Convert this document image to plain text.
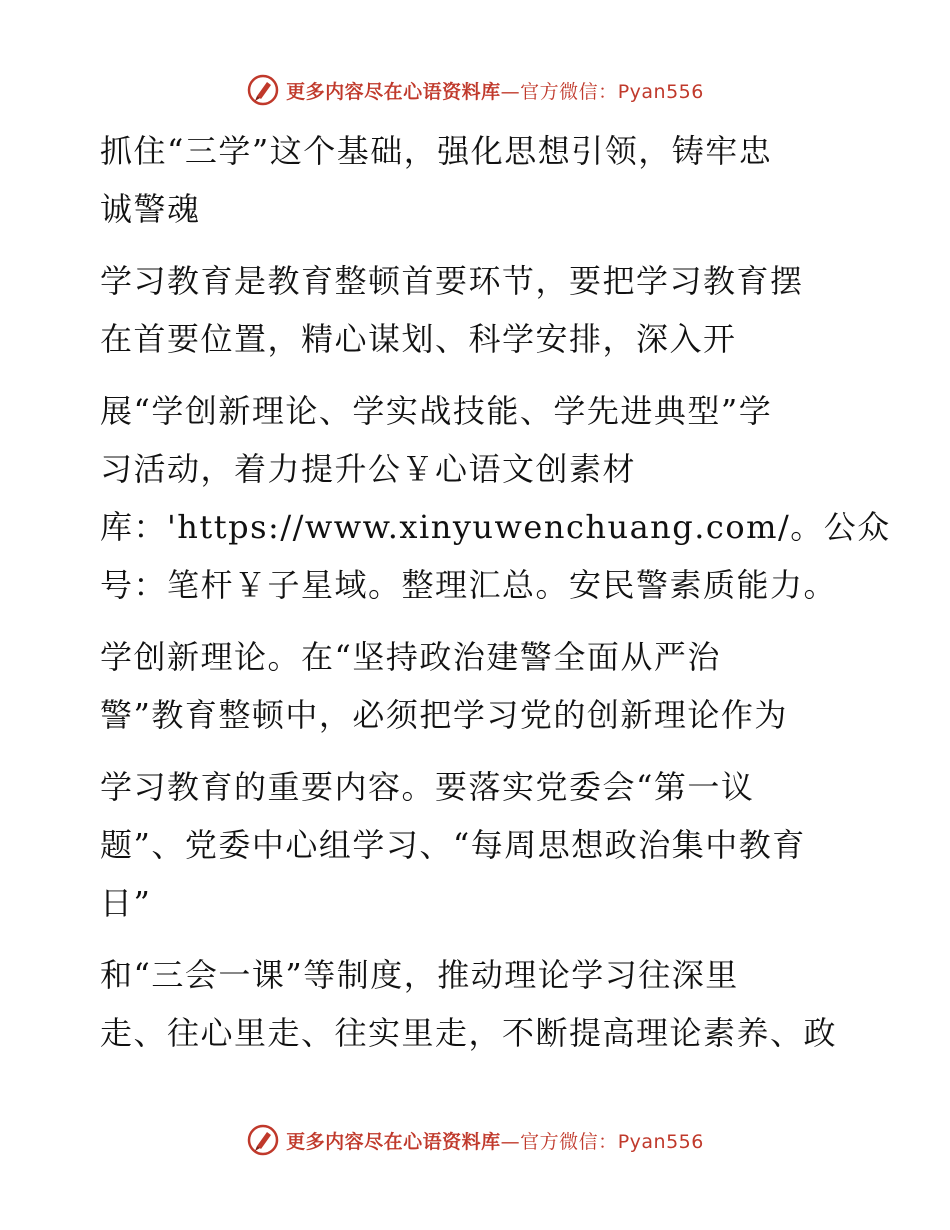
更多内容尽在心语资料库—官方微信：Pyan556
抓住“三学”这个基础，强化思想引领，铸牢忠
诚警魂
学习教育是教育整顿首要环节，要把学习教育摆
在首要位置，精心谋划、科学安排，深入开
展“学创新理论、学实战技能、学先进典型”学
习活动，着力提升公￥心语文创素材
库：'https://www.xinyuwenchuang.com/。公众
号：笔杆￥子星域。整理汇总。安民警素质能力。
学创新理论。在“坚持政治建警全面从严治
警”教育整顿中，必须把学习党的创新理论作为
学习教育的重要内容。要落实党委会“第一议
题”、党委中心组学习、“每周思想政治集中教育
日”
和“三会一课”等制度，推动理论学习往深里
走、往心里走、往实里走，不断提高理论素养、政
更多内容尽在心语资料库—官方微信：Pyan556
